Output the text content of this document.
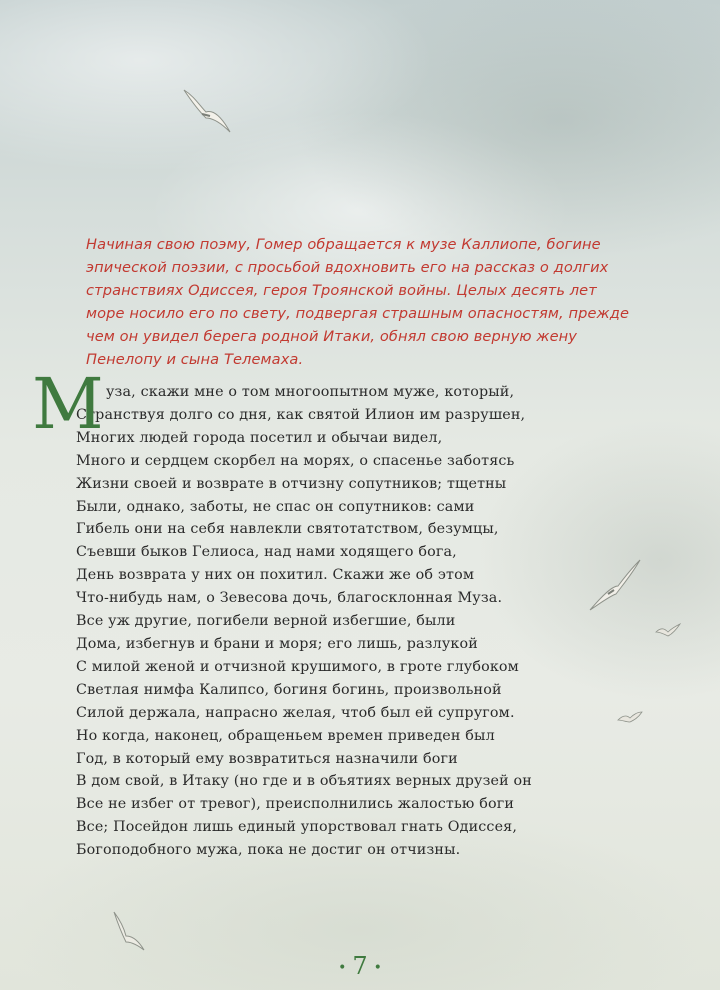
Начиная свою поэму, Гомер обращается к музе Каллиопе, богине эпической поэзии, с просьбой вдохновить его на рассказ о долгих странствиях Одиссея, героя Троянской войны. Целых десять лет море носило его по свету, подвергая страшным опасностям, прежде чем он увидел берега родной Итаки, обнял свою верную жену Пенелопу и сына Телемаха.

М уза, скажи мне о том многоопытном муже, который,
Странствуя долго со дня, как святой Илион им разрушен,
Многих людей города посетил и обычаи видел,
Много и сердцем скорбел на морях, о спасенье заботясь
Жизни своей и возврате в отчизну сопутников; тщетны
Были, однако, заботы, не спас он сопутников: сами
Гибель они на себя навлекли святотатством, безумцы,
Съевши быков Гелиоса, над нами ходящего бога,
День возврата у них он похитил. Скажи же об этом
Что-нибудь нам, о Зевесова дочь, благосклонная Муза.
Все уж другие, погибели верной избегшие, были
Дома, избегнув и брани и моря; его лишь, разлукой
С милой женой и отчизной крушимого, в гроте глубоком
Светлая нимфа Калипсо, богиня богинь, произвольной
Силой держала, напрасно желая, чтоб был ей супругом.
Но когда, наконец, обращеньем времен приведен был
Год, в который ему возвратиться назначили боги
В дом свой, в Итаку (но где и в объятиях верных друзей он
Все не избег от тревог), преисполнились жалостью боги
Все; Посейдон лишь единый упорствовал гнать Одиссея,
Богоподобного мужа, пока не достиг он отчизны.
• 7 •
